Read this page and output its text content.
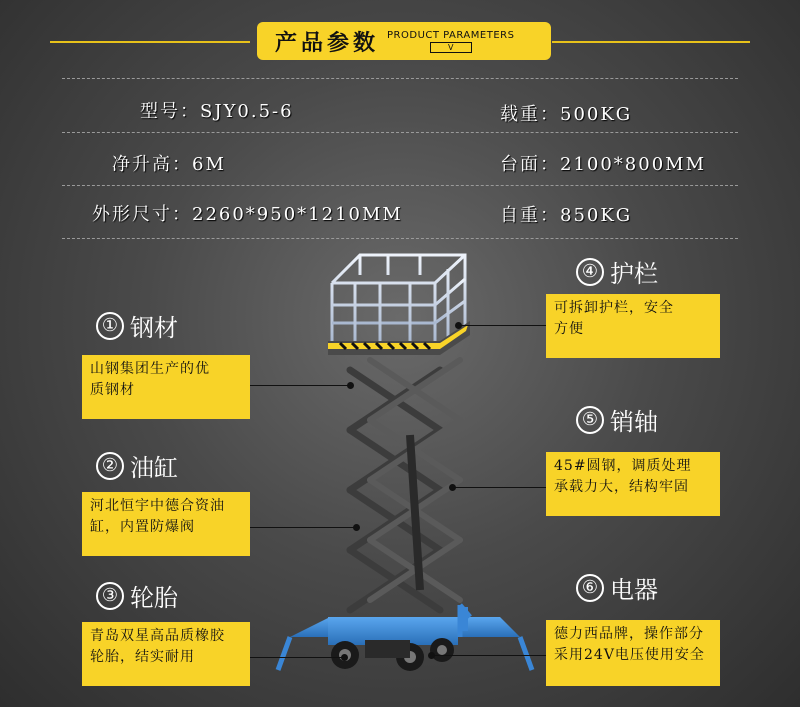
产品参数 PRODUCT PARAMETERS
V
型号：SJY0.5-6	载重：500KG
净升高：6M	台面：2100*800MM
外形尺寸：2260*950*1210MM	自重：850KG
① 钢材
山钢集团生产的优
质钢材
② 油缸
河北恒宇中德合资油
缸，内置防爆阀
③ 轮胎
青岛双星高品质橡胶
轮胎，结实耐用
④ 护栏
可拆卸护栏，安全
方便
⑤ 销轴
45#圆钢，调质处理
承载力大，结构牢固
⑥ 电器
德力西品牌，操作部分
采用24V电压使用安全
